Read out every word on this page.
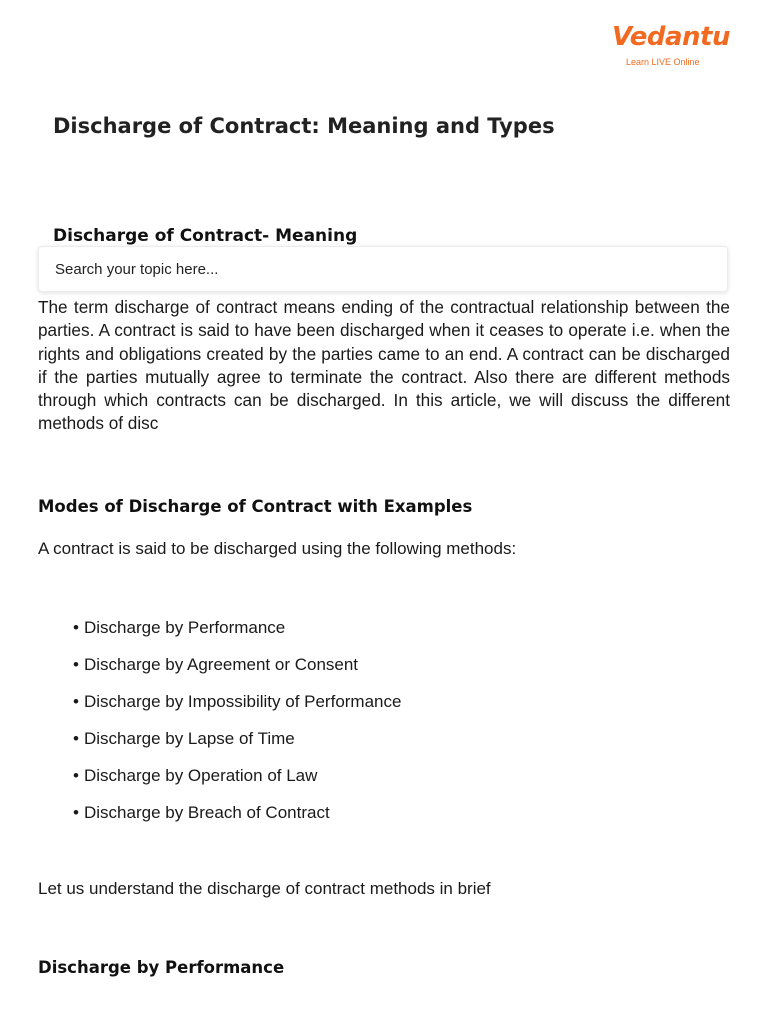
Vedantu
Learn LIVE Online
Discharge of Contract: Meaning and Types
Discharge of Contract- Meaning
Search your topic here...

The term discharge of contract means ending of the contractual relationship between the parties. A contract is said to have been discharged when it ceases to operate i.e. when the rights and obligations created by the parties came to an end. A contract can be discharged if the parties mutually agree to terminate the contract. Also there are different methods through which contracts can be discharged. In this article, we will discuss the different methods of disc

Modes of Discharge of Contract with Examples

A contract is said to be discharged using the following methods:

• Discharge by Performance
• Discharge by Agreement or Consent
• Discharge by Impossibility of Performance
• Discharge by Lapse of Time
• Discharge by Operation of Law
• Discharge by Breach of Contract

Let us understand the discharge of contract methods in brief

Discharge by Performance
